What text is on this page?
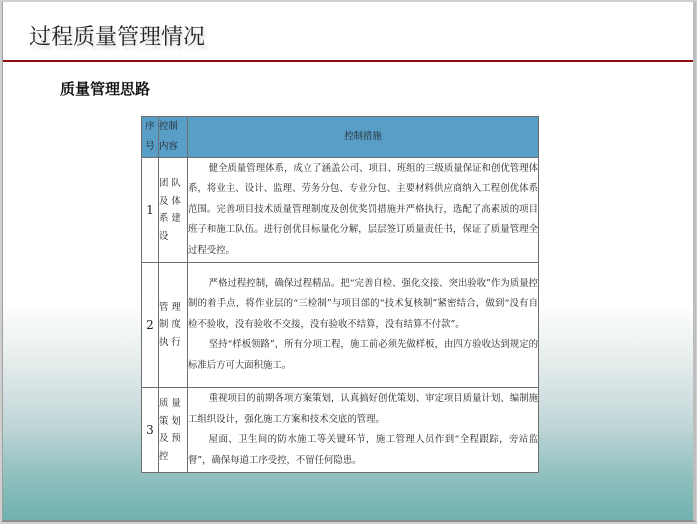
过程质量管理情况
质量管理思路
序号	控制内容	控制措施
1	团队及体系建设	健全质量管理体系，成立了涵盖公司、项目、班组的三级质量保证和创优管理体系，将业主、设计、监理、劳务分包、专业分包、主要材料供应商纳入工程创优体系范围。完善项目技术质量管理制度及创优奖罚措施并严格执行，选配了高素质的项目班子和施工队伍。进行创优目标量化分解，层层签订质量责任书，保证了质量管理全过程受控。

2	管理制度执行	严格过程控制，确保过程精品。把“完善自检、强化交接、突出验收”作为质量控制的着手点，将作业层的“三检制”与项目部的“技术复核制”紧密结合，做到“没有自检不验收，没有验收不交接，没有验收不结算，没有结算不付款”。

坚持“样板领路”，所有分项工程，施工前必须先做样板，由四方验收达到规定的标准后方可大面积施工。

3	质量策划及预控	重视项目的前期各项方案策划，认真搞好创优策划、审定项目质量计划、编制施工组织设计，强化施工方案和技术交底的管理。

屋面、卫生间的防水施工等关键环节，施工管理人员作到“全程跟踪，旁站监督”，确保每道工序受控，不留任何隐患。
